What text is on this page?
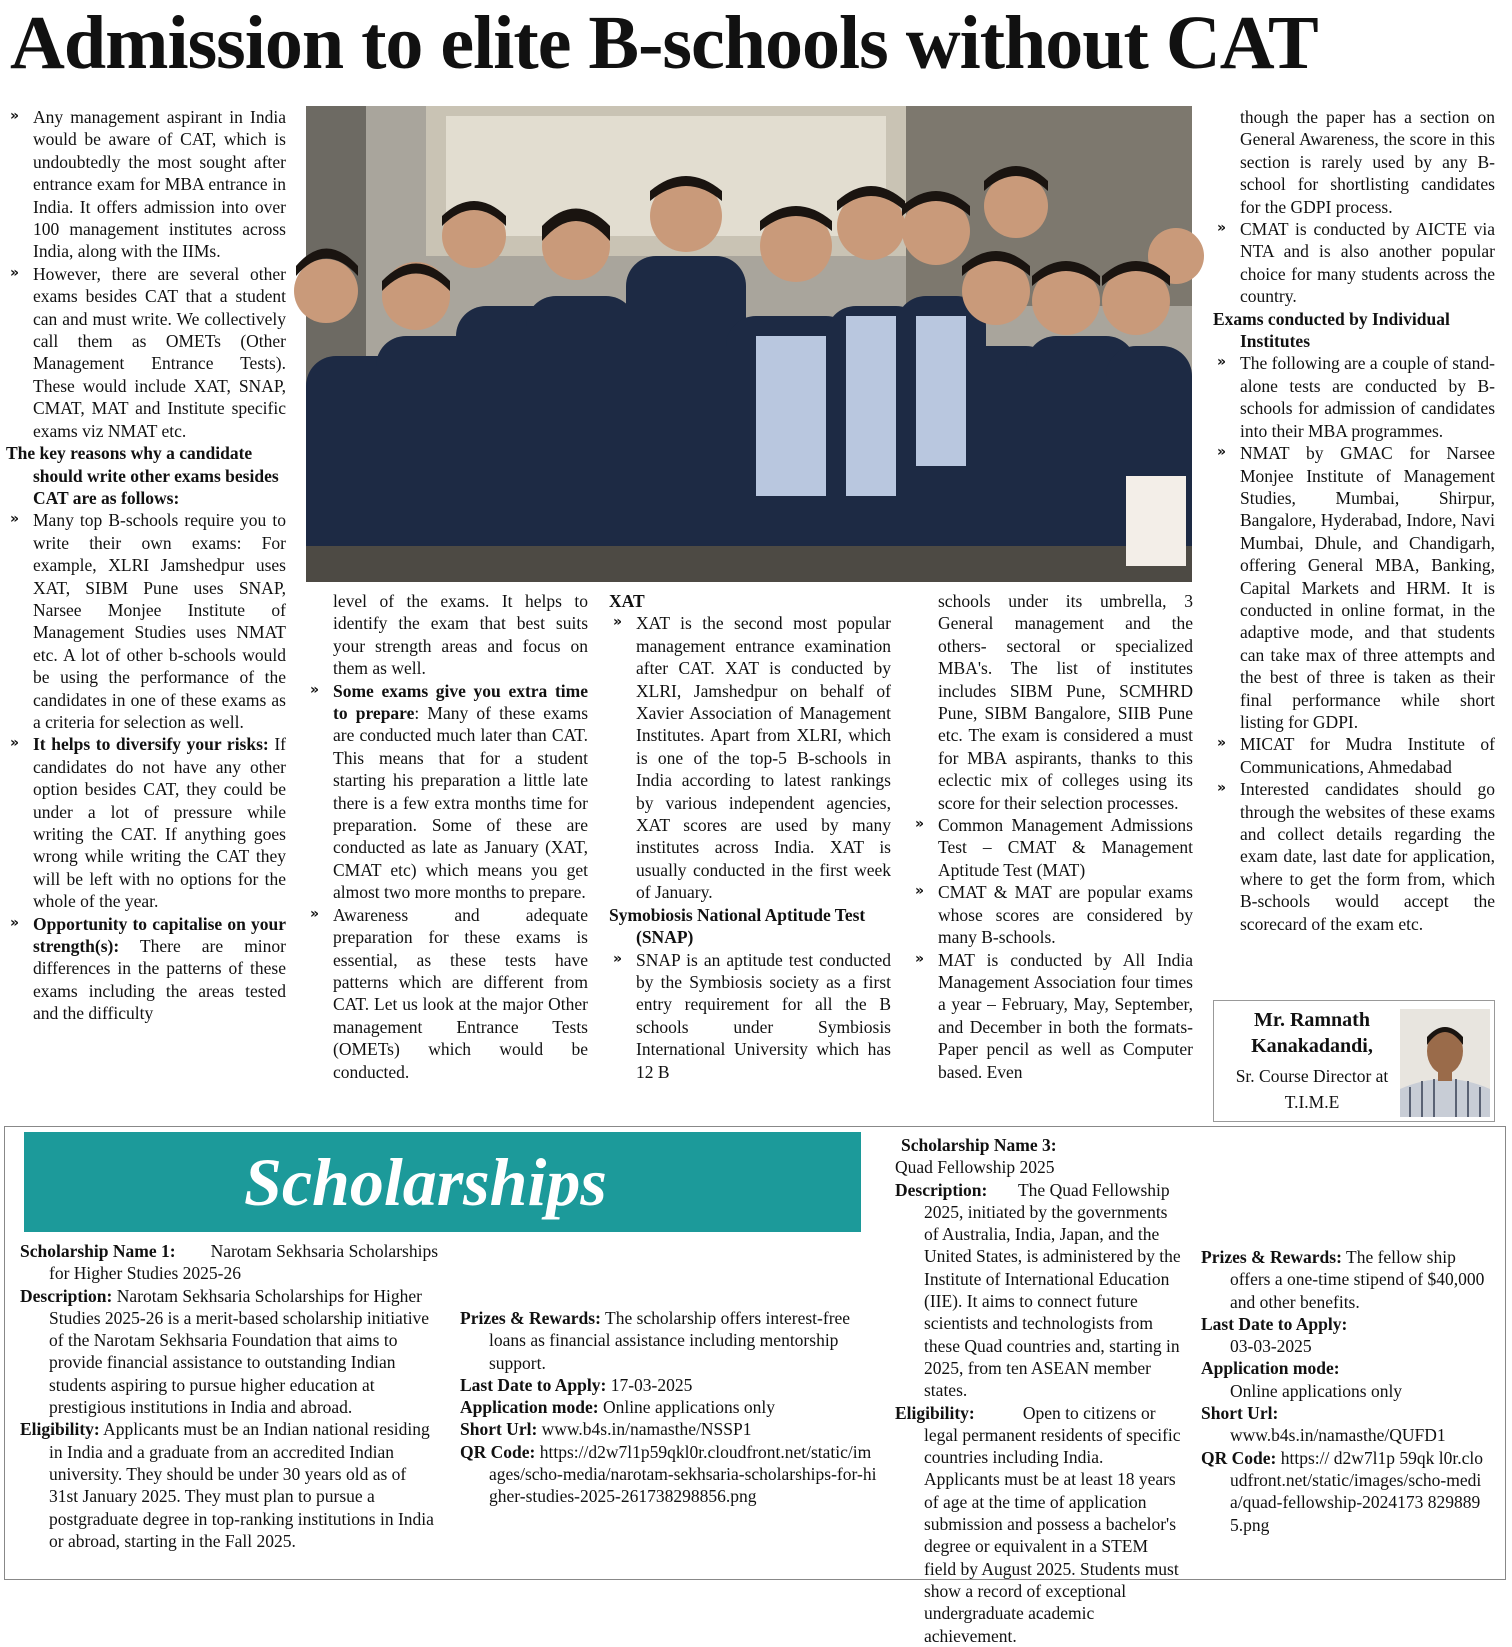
Admission to elite B-schools without CAT

» Any management aspirant in India would be aware of CAT, which is undoubtedly the most sought after entrance exam for MBA entrance in India. It offers admission into over 100 management institutes across India, along with the IIMs.

» However, there are several other exams besides CAT that a student can and must write. We collectively call them as OMETs (Other Management Entrance Tests). These would include XAT, SNAP, CMAT, MAT and Institute specific exams viz NMAT etc.

The key reasons why a candidate should write other exams besides CAT are as follows:

» Many top B-schools require you to write their own exams: For example, XLRI Jamshedpur uses XAT, SIBM Pune uses SNAP, Narsee Monjee Institute of Management Studies uses NMAT etc. A lot of other b-schools would be using the performance of the candidates in one of these exams as a criteria for selection as well.

» It helps to diversify your risks: If candidates do not have any other option besides CAT, they could be under a lot of pressure while writing the CAT. If anything goes wrong while writing the CAT they will be left with no options for the whole of the year.

» Opportunity to capitalise on your strength(s): There are minor differences in the patterns of these exams including the areas tested and the difficulty

level of the exams. It helps to identify the exam that best suits your strength areas and focus on them as well.

» Some exams give you extra time to prepare: Many of these exams are conducted much later than CAT. This means that for a student starting his preparation a little late there is a few extra months time for preparation. Some of these are conducted as late as January (XAT, CMAT etc) which means you get almost two more months to prepare.

» Awareness and adequate preparation for these exams is essential, as these tests have patterns which are different from CAT. Let us look at the major Other management Entrance Tests (OMETs) which would be conducted.

XAT

» XAT is the second most popular management entrance examination after CAT. XAT is conducted by XLRI, Jamshedpur on behalf of Xavier Association of Management Institutes. Apart from XLRI, which is one of the top-5 B-schools in India according to latest rankings by various independent agencies, XAT scores are used by many institutes across India. XAT is usually conducted in the first week of January.

Symobiosis National Aptitude Test (SNAP)

» SNAP is an aptitude test conducted by the Symbiosis society as a first entry requirement for all the B schools under Symbiosis International University which has 12 B

schools under its umbrella, 3 General management and the others- sectoral or specialized MBA's. The list of institutes includes SIBM Pune, SCMHRD Pune, SIBM Bangalore, SIIB Pune etc. The exam is considered a must for MBA aspirants, thanks to this eclectic mix of colleges using its score for their selection processes.

» Common Management Admissions Test – CMAT & Management Aptitude Test (MAT)

» CMAT & MAT are popular exams whose scores are considered by many B-schools.

» MAT is conducted by All India Management Association four times a year – February, May, September, and December in both the formats-Paper pencil as well as Computer based. Even

though the paper has a section on General Awareness, the score in this section is rarely used by any B-school for shortlisting candidates for the GDPI process.

» CMAT is conducted by AICTE via NTA and is also another popular choice for many students across the country.

Exams conducted by Individual Institutes

» The following are a couple of stand-alone tests are conducted by B-schools for admission of candidates into their MBA programmes.

» NMAT by GMAC for Narsee Monjee Institute of Management Studies, Mumbai, Shirpur, Bangalore, Hyderabad, Indore, Navi Mumbai, Dhule, and Chandigarh, offering General MBA, Banking, Capital Markets and HRM. It is conducted in online format, in the adaptive mode, and that students can take max of three attempts and the best of three is taken as their final performance while short listing for GDPI.

» MICAT for Mudra Institute of Communications, Ahmedabad

» Interested candidates should go through the websites of these exams and collect details regarding the exam date, last date for application, where to get the form from, which B-schools would accept the scorecard of the exam etc.

Mr. Ramnath Kanakadandi,
Sr. Course Director at T.I.M.E
Scholarships

Scholarship Name 1: Narotam Sekhsaria Scholarships for Higher Studies 2025-26

Description: Narotam Sekhsaria Scholarships for Higher Studies 2025-26 is a merit-based scholarship initiative of the Narotam Sekhsaria Foundation that aims to provide financial assistance to outstanding Indian students aspiring to pursue higher education at prestigious institutions in India and abroad.

Eligibility: Applicants must be an Indian national residing in India and a graduate from an accredited Indian university. They should be under 30 years old as of 31st January 2025. They must plan to pursue a postgraduate degree in top-ranking institutions in India or abroad, starting in the Fall 2025.

Prizes & Rewards: The scholarship offers interest-free loans as financial assistance including mentorship support.

Last Date to Apply: 17-03-2025

Application mode: Online applications only

Short Url: www.b4s.in/namasthe/NSSP1

QR Code: https://d2w7l1p59qkl0r.cloudfront.net/static/images/scho-media/narotam-sekhsaria-scholarships-for-higher-studies-2025-261738298856.png

Scholarship Name 3:

Quad Fellowship 2025

Description: The Quad Fellowship 2025, initiated by the governments of Australia, India, Japan, and the United States, is administered by the Institute of International Education (IIE). It aims to connect future scientists and technologists from these Quad countries and, starting in 2025, from ten ASEAN member states.

Eligibility:	Open to citizens or legal permanent residents of specific countries including India. Applicants must be at least 18 years of age at the time of application submission and possess a bachelor's degree or equivalent in a STEM field by August 2025. Students must show a record of exceptional undergraduate academic achievement.

Prizes & Rewards: The fellow ship offers a one-time stipend of $40,000 and other benefits.

Last Date to Apply:

03-03-2025

Application mode:

Online applications only

Short Url:

www.b4s.in/namasthe/QUFD1

QR Code: https:// d2w7l1p 59qk l0r.cloudfront.net/static/images/scho-media/quad-fellowship-2024173 8298895.png
